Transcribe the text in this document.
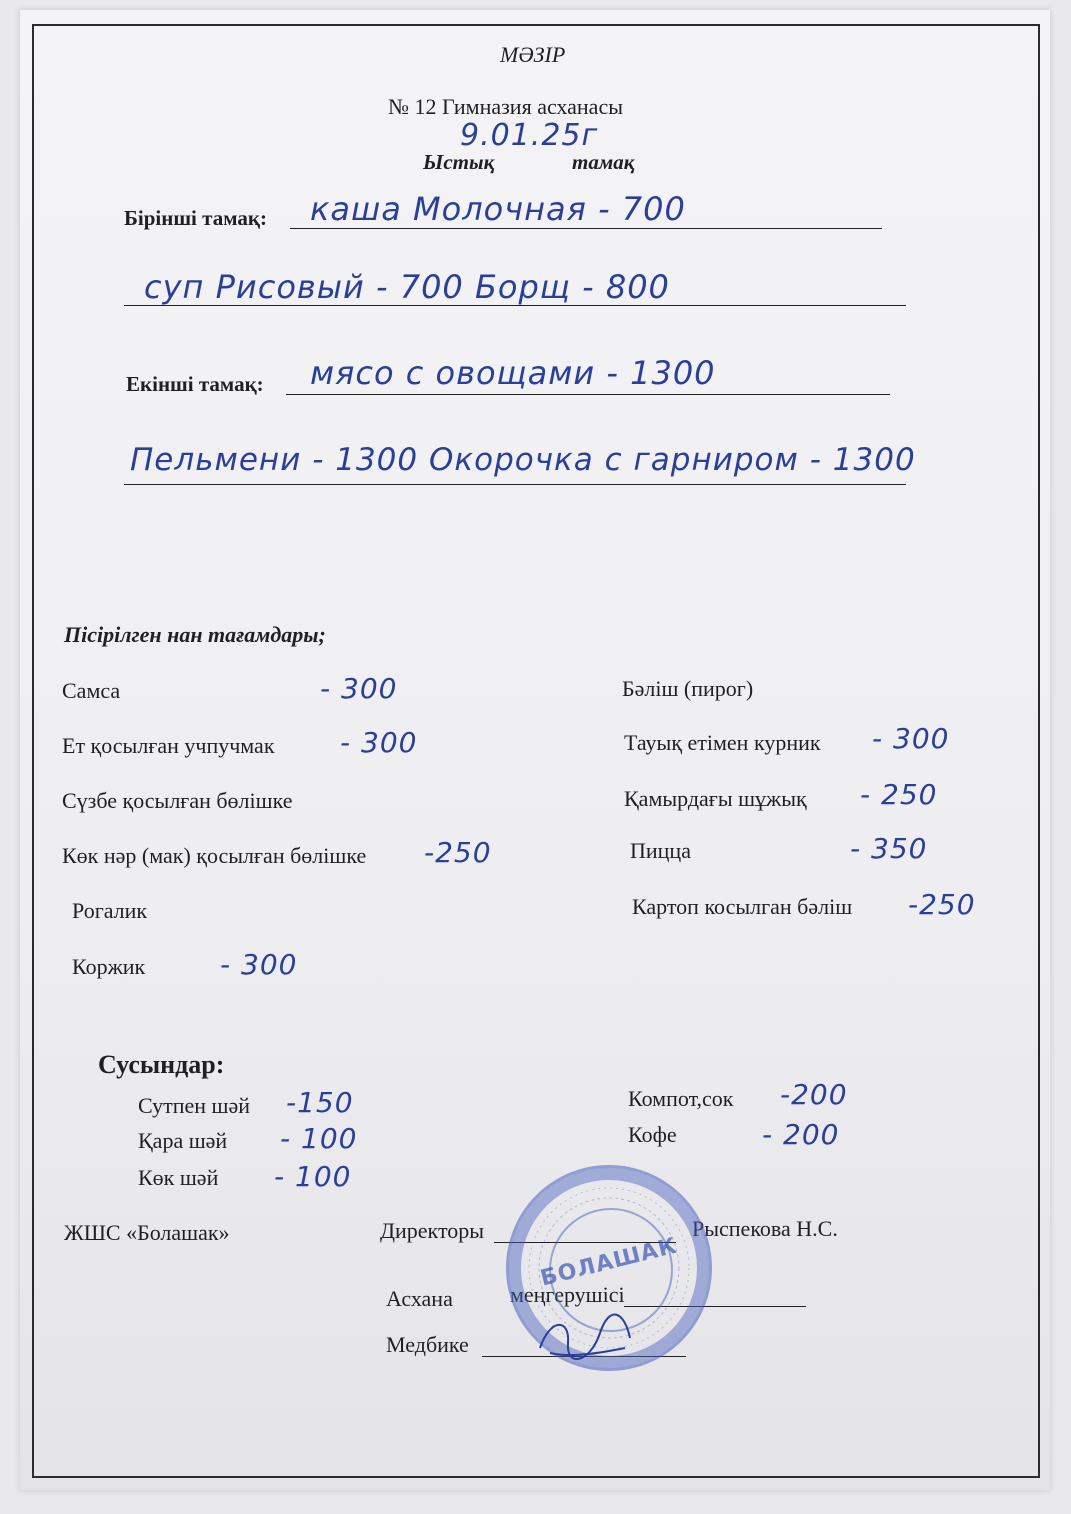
МӘЗІР
№ 12 Гимназия асханасы
9.01.25г
Ыстық	тамақ
Бірінші тамақ: каша Молочная - 700
суп Рисовый - 700 Борщ - 800
Екінші тамақ: мясо с овощами - 1300
Пельмени - 1300 Окорочка с гарниром - 1300
Пісірілген нан тағамдары;
Самса	- 300
Ет қосылған учпучмак - 300
Сүзбе қосылған бөлішке
Көк нәр (мак) қосылған бөлішке -250
Рогалик
Коржик	- 300
Бәліш (пирог)
Тауық етімен курник - 300
Қамырдағы шұжық - 250
Пицца	- 350
Картоп косылган бәліш -250
Сусындар:
Сутпен шәй -150
Қара шәй - 100
Көк шәй - 100
Компот,сок -200
Кофе	- 200
ЖШС «Болашак»	Директоры	Рыспекова Н.С.
Асхана	меңгерушісі
Медбике
БОЛАШАК
